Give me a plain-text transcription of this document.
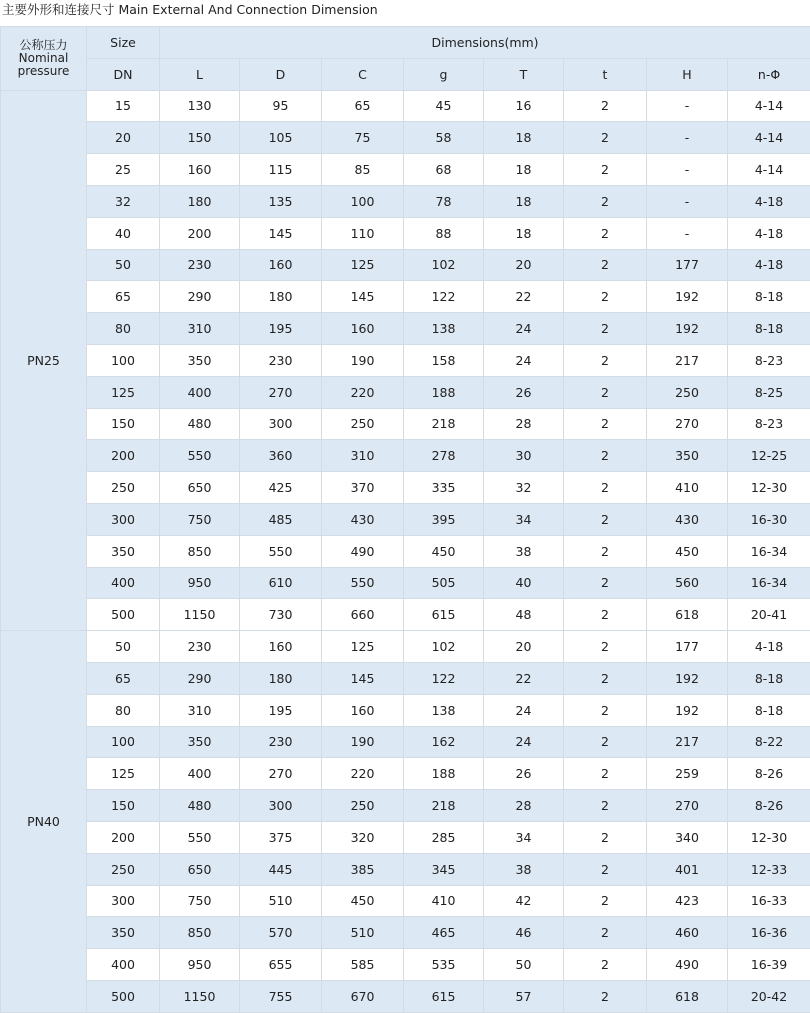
主要外形和连接尺寸 Main External And Connection Dimension
公称压力 Nominal pressure	Size	Dimensions(mm)							
	DN	L	D	C	g	T	t	H	n-Φ
PN25	15	130	95	65	45	16	2	-	4-14
	20	150	105	75	58	18	2	-	4-14
	25	160	115	85	68	18	2	-	4-14
	32	180	135	100	78	18	2	-	4-18
	40	200	145	110	88	18	2	-	4-18
	50	230	160	125	102	20	2	177	4-18
	65	290	180	145	122	22	2	192	8-18
	80	310	195	160	138	24	2	192	8-18
	100	350	230	190	158	24	2	217	8-23
	125	400	270	220	188	26	2	250	8-25
	150	480	300	250	218	28	2	270	8-23
	200	550	360	310	278	30	2	350	12-25
	250	650	425	370	335	32	2	410	12-30
	300	750	485	430	395	34	2	430	16-30
	350	850	550	490	450	38	2	450	16-34
	400	950	610	550	505	40	2	560	16-34
	500	1150	730	660	615	48	2	618	20-41
PN40	50	230	160	125	102	20	2	177	4-18
	65	290	180	145	122	22	2	192	8-18
	80	310	195	160	138	24	2	192	8-18
	100	350	230	190	162	24	2	217	8-22
	125	400	270	220	188	26	2	259	8-26
	150	480	300	250	218	28	2	270	8-26
	200	550	375	320	285	34	2	340	12-30
	250	650	445	385	345	38	2	401	12-33
	300	750	510	450	410	42	2	423	16-33
	350	850	570	510	465	46	2	460	16-36
	400	950	655	585	535	50	2	490	16-39
	500	1150	755	670	615	57	2	618	20-42
